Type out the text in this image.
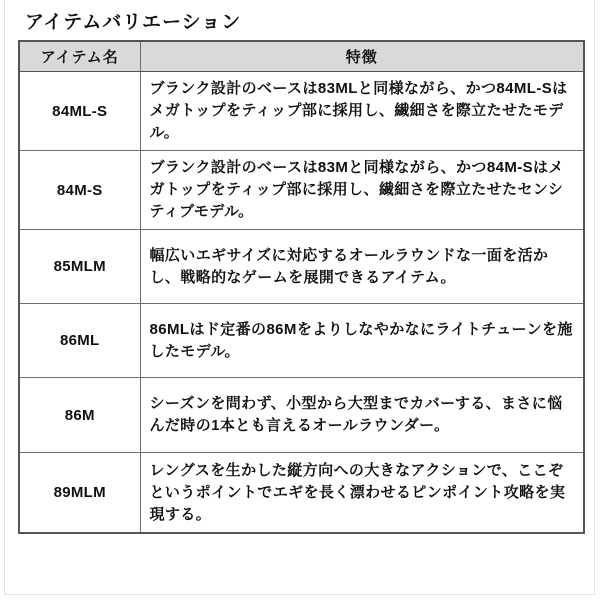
アイテムバリエーション
アイテム名	特徴
84ML-S	ブランク設計のベースは83MLと同様ながら、かつ84ML-Sはメガトップをティップ部に採用し、繊細さを際立たせたモデル。
84M-S	ブランク設計のベースは83Mと同様ながら、かつ84M-Sはメガトップをティップ部に採用し、繊細さを際立たせたセンシティブモデル。
85MLM	幅広いエギサイズに対応するオールラウンドな一面を活かし、戦略的なゲームを展開できるアイテム。
86ML	86MLはド定番の86Mをよりしなやかなにライトチューンを施したモデル。
86M	シーズンを問わず、小型から大型までカバーする、まさに悩んだ時の1本とも言えるオールラウンダー。
89MLM	レングスを生かした縦方向への大きなアクションで、ここぞというポイントでエギを長く漂わせるピンポイント攻略を実現する。
